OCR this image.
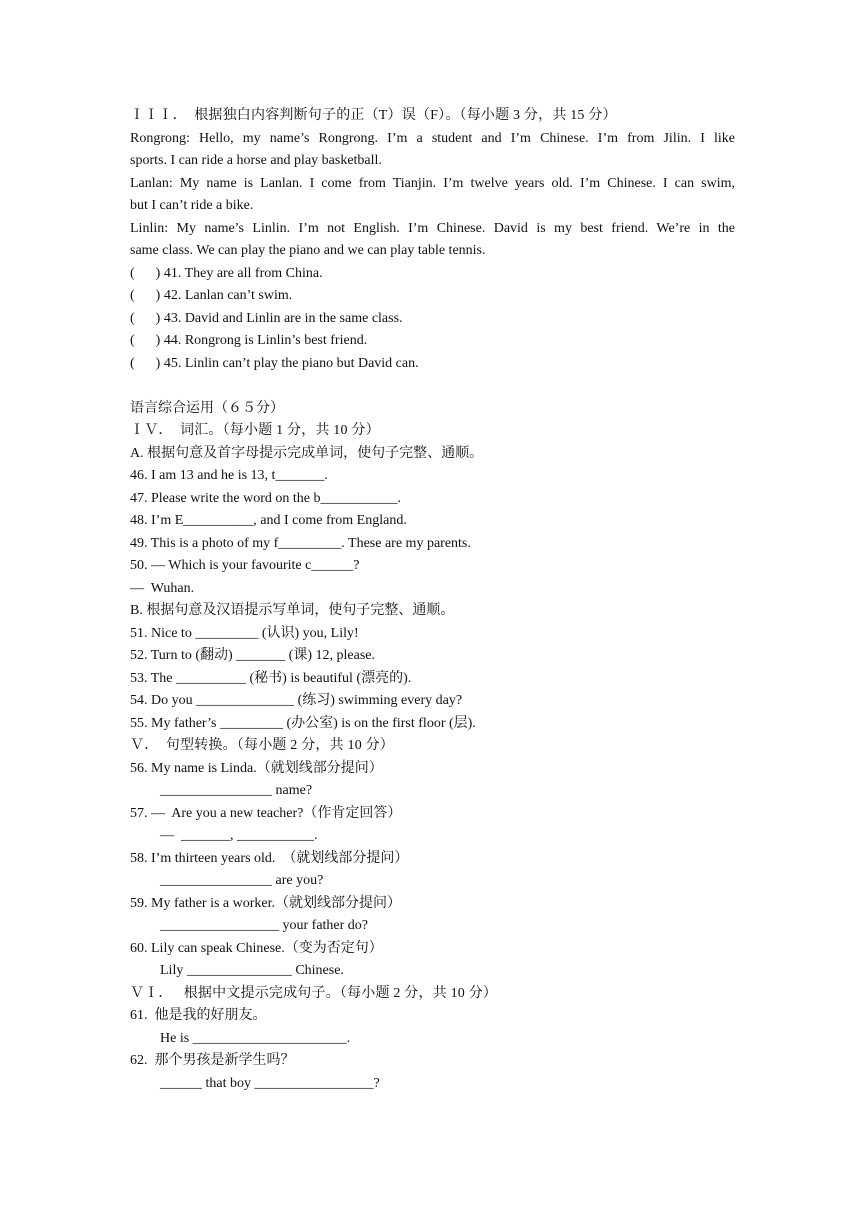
ＩＩＩ．  根据独白内容判断句子的正（T）误（F）。（每小题 3 分，共 15 分）
Rongrong: Hello, my name’s Rongrong. I’m a student and I’m Chinese. I’m from Jilin. I like
sports. I can ride a horse and play basketball.
Lanlan: My name is Lanlan. I come from Tianjin. I’m twelve years old. I’m Chinese. I can swim,
but I can’t ride a bike.
Linlin: My name’s Linlin. I’m not English. I’m Chinese. David is my best friend. We’re in the
same class. We can play the piano and we can play table tennis.
(      ) 41. They are all from China.
(      ) 42. Lanlan can’t swim.
(      ) 43. David and Linlin are in the same class.
(      ) 44. Rongrong is Linlin’s best friend.
(      ) 45. Linlin can’t play the piano but David can.
语言综合运用（６５分）
ＩＶ．  词汇。（每小题 1 分，共 10 分）
A. 根据句意及首字母提示完成单词，使句子完整、通顺。
46. I am 13 and he is 13, t_______.
47. Please write the word on the b___________.
48. I’m E__________, and I come from England.
49. This is a photo of my f_________. These are my parents.
50. — Which is your favourite c______?
—  Wuhan.
B. 根据句意及汉语提示写单词，使句子完整、通顺。
51. Nice to _________ (认识) you, Lily!
52. Turn to (翻动) _______ (课) 12, please.
53. The __________ (秘书) is beautiful (漂亮的).
54. Do you ______________ (练习) swimming every day?
55. My father’s _________ (办公室) is on the first floor (层).
Ｖ．  句型转换。（每小题 2 分，共 10 分）
56. My name is Linda.（就划线部分提问）
________________ name?
57. —  Are you a new teacher?（作肯定回答）
—  _______, ___________.
58. I’m thirteen years old.  （就划线部分提问）
________________ are you?
59. My father is a worker.（就划线部分提问）
_________________ your father do?
60. Lily can speak Chinese.（变为否定句）
Lily _______________ Chinese.
ＶＩ．   根据中文提示完成句子。（每小题 2 分，共 10 分）
61.  他是我的好朋友。
He is ______________________.
62.  那个男孩是新学生吗？
______ that boy _________________?
